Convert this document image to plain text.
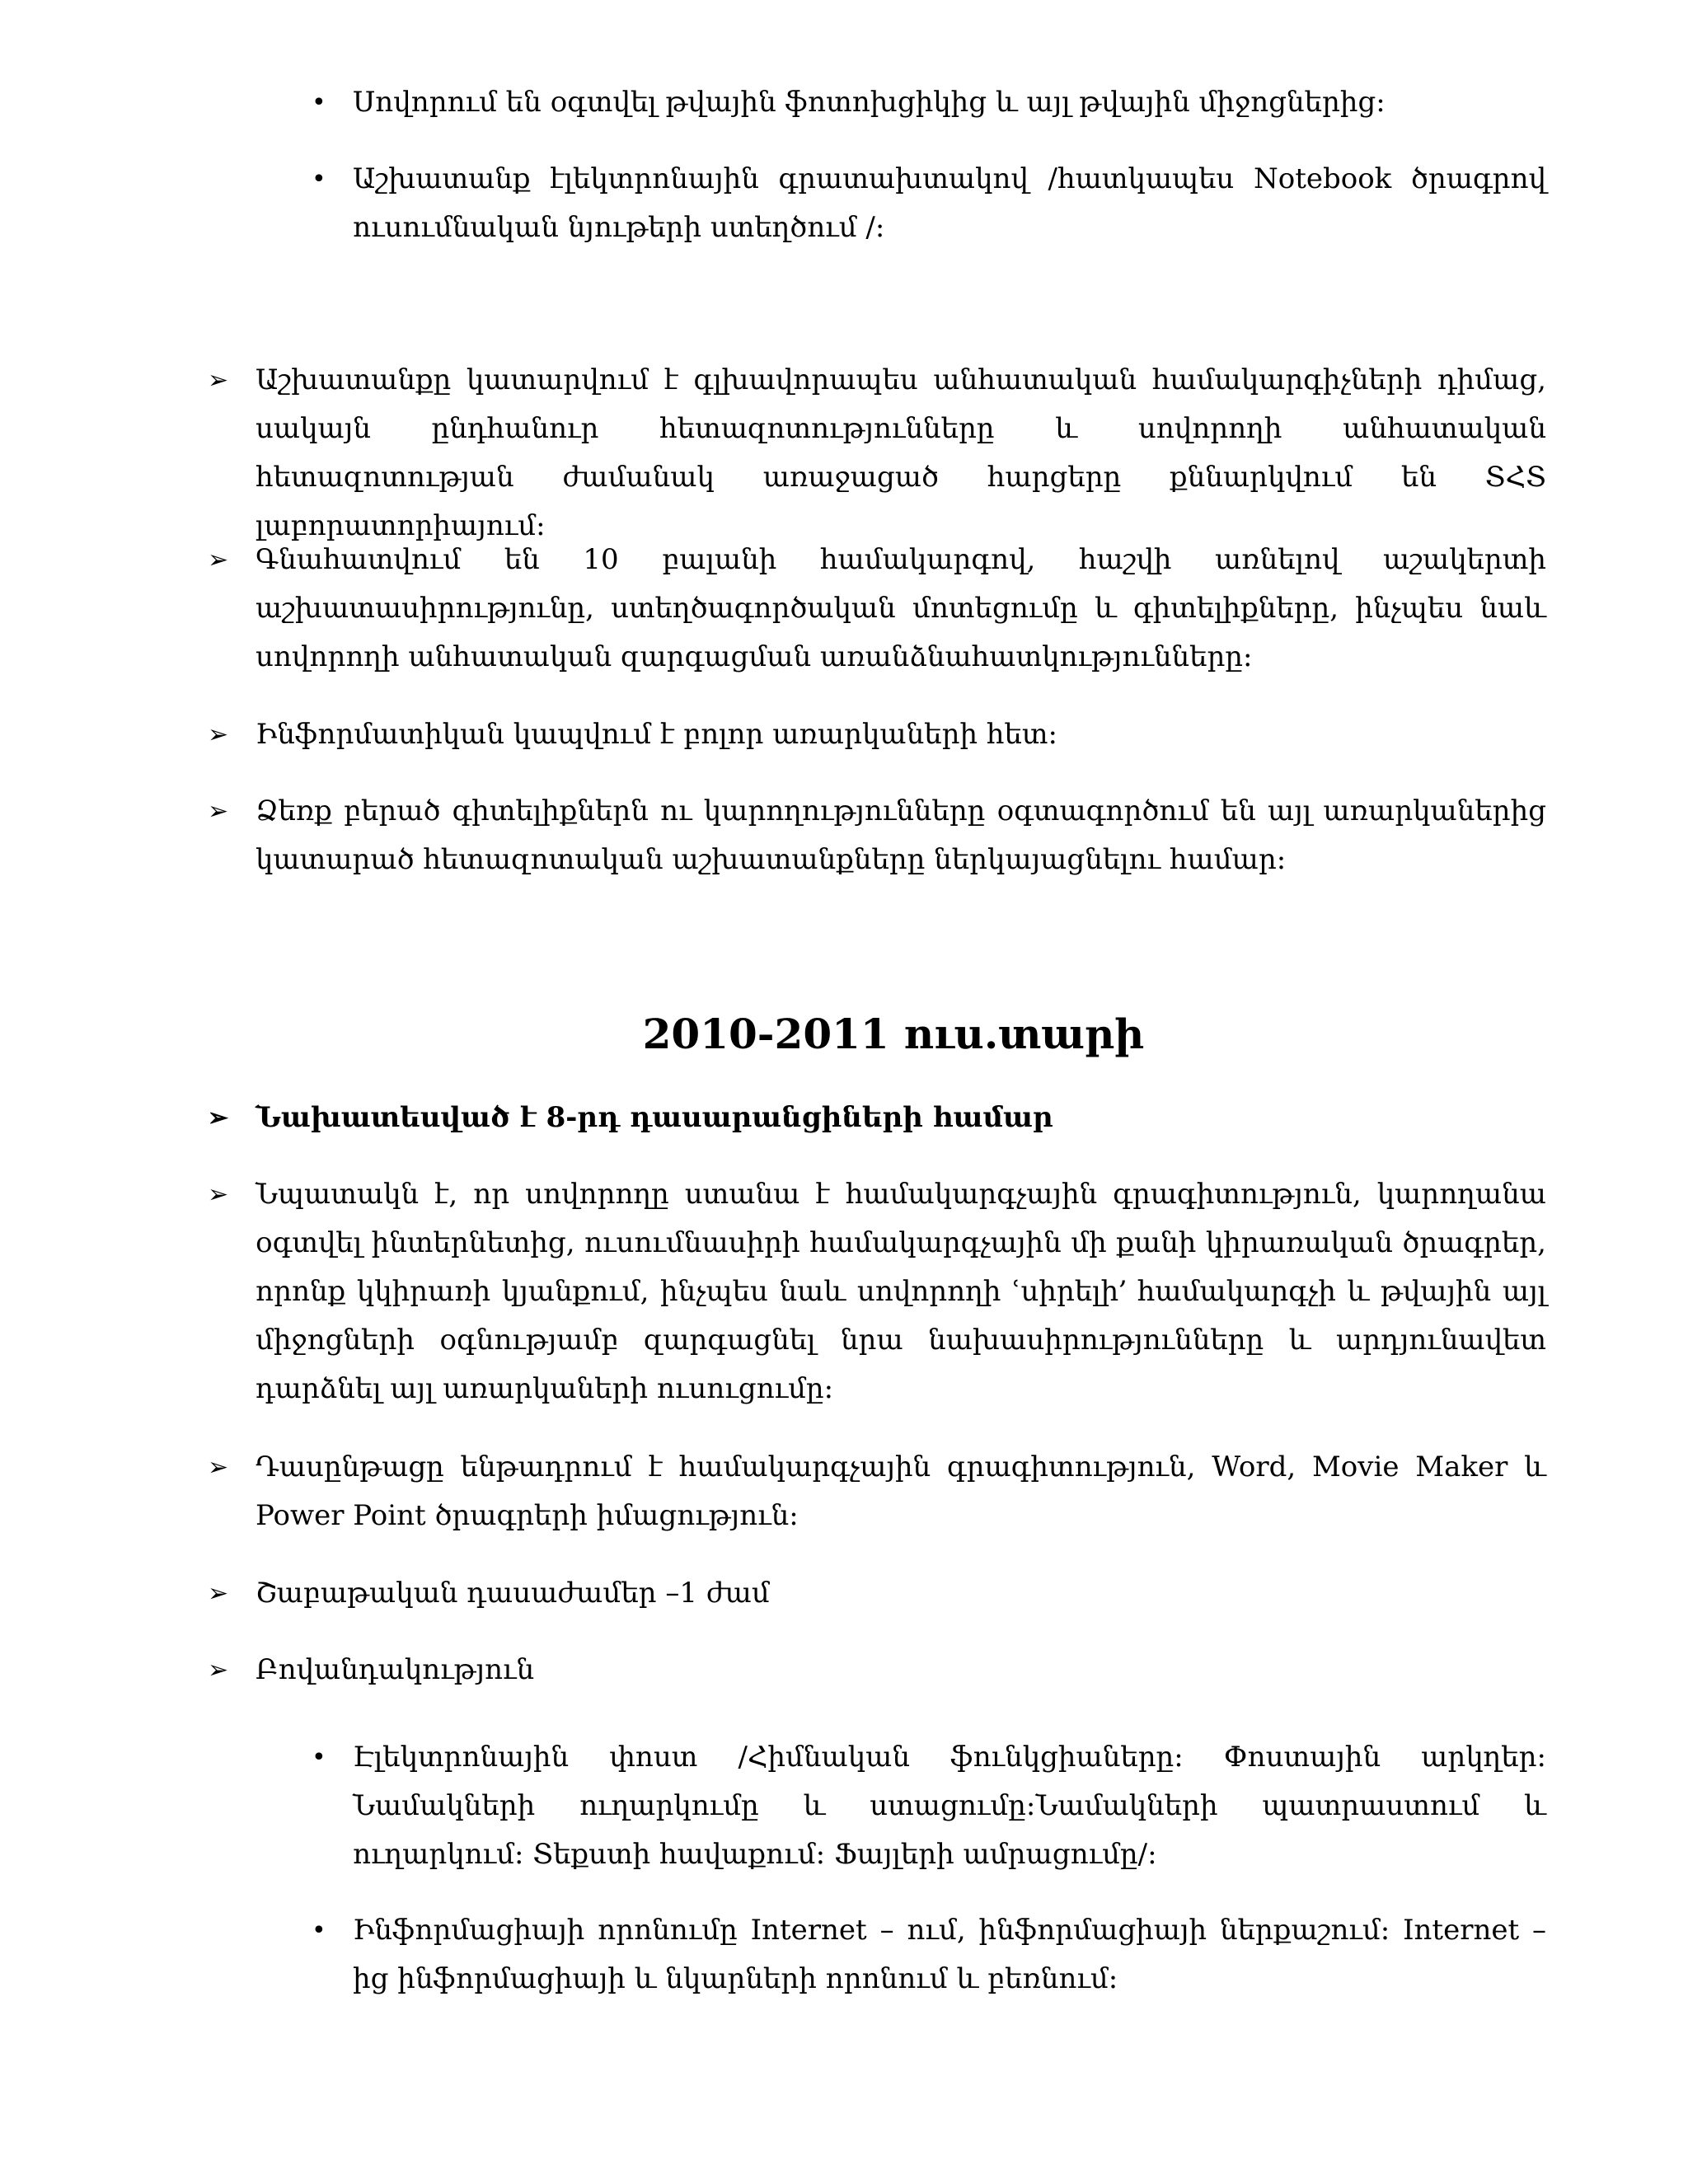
• Սովորում են օգտվել թվային ֆոտոխցիկից և այլ թվային միջոցներից:
• Աշխատանք էլեկտրոնային գրատախտակով /հատկապես Notebook ծրագրով ուսումնական նյութերի ստեղծում /:
➢ Աշխատանքը կատարվում է գլխավորապես անհատական համակարգիչների դիմաց, սակայն ընդհանուր հետազոտությունները և սովորողի անհատական հետազոտության ժամանակ առաջացած հարցերը քննարկվում են ՏՀՏ լաբորատորիայում:
➢ Գնահատվում են 10 բալանի համակարգով, հաշվի առնելով աշակերտի աշխատասիրությունը, ստեղծագործական մոտեցումը և գիտելիքները, ինչպես նաև սովորողի անհատական զարգացման առանձնահատկությունները։
➢ Ինֆորմատիկան կապվում է բոլոր առարկաների հետ:
➢ Ձեռք բերած գիտելիքներն ու կարողությունները օգտագործում են այլ առարկաներից կատարած հետազոտական աշխատանքները ներկայացնելու համար:
2010-2011 ուս.տարի
➢ Նախատեսված է 8-րդ դասարանցիների համար
➢ Նպատակն է, որ սովորողը ստանա է համակարգչային գրագիտություն, կարողանա օգտվել ինտերնետից, ուսումնասիրի համակարգչային մի քանի կիրառական ծրագրեր, որոնք կկիրառի կյանքում, ինչպես նաև սովորողի ՙսիրելի՚ համակարգչի և թվային այլ միջոցների օգնությամբ զարգացնել նրա նախասիրությունները և արդյունավետ դարձնել այլ առարկաների ուսուցումը։
➢ Դասընթացը ենթադրում է համակարգչային գրագիտություն, Word, Movie Maker և Power Point ծրագրերի իմացություն:
➢ Շաբաթական դասաժամեր –1 ժամ
➢ Բովանդակություն
• Էլեկտրոնային փոստ /Հիմնական ֆունկցիաները: Փոստային արկղեր: Նամակների ուղարկումը և ստացումը:Նամակների պատրաստում և ուղարկում: Տեքստի հավաքում: Ֆայլերի ամրացումը/:
• Ինֆորմացիայի որոնումը Internet – ում, ինֆորմացիայի ներքաշում: Internet –ից ինֆորմացիայի և նկարների որոնում և բեռնում։
